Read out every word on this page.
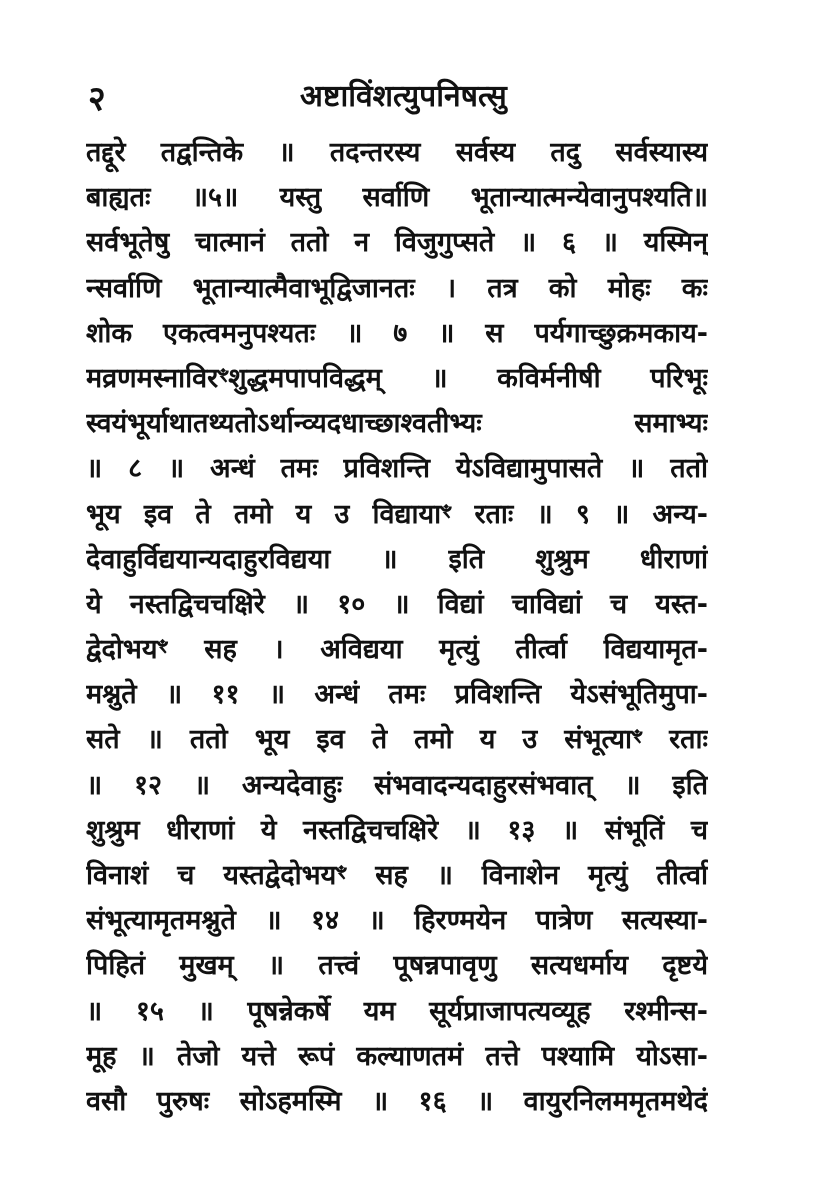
२	अष्टाविंशत्युपनिषत्सु
तद्दूरे तद्वन्तिके ॥ तदन्तरस्य सर्वस्य तदु सर्वस्यास्य
बाह्यतः ॥५॥ यस्तु सर्वाणि भूतान्यात्मन्येवानुपश्यति॥
सर्वभूतेषु चात्मानं ततो न विजुगुप्सते ॥ ६ ॥ यस्मिन्
न्सर्वाणि भूतान्यात्मैवाभूद्विजानतः । तत्र को मोहः कः
शोक एकत्वमनुपश्यतः ॥ ७ ॥ स पर्यगाच्छुक्रमकाय-
मव्रणमस्नाविरꣳशुद्धमपापविद्धम् ॥ कविर्मनीषी परिभूः
स्वयंभूर्याथातथ्यतोऽर्थान्व्यदधाच्छाश्वतीभ्यः समाभ्यः
॥ ८ ॥ अन्धं तमः प्रविशन्ति येऽविद्यामुपासते ॥ ततो
भूय इव ते तमो य उ विद्यायाꣳ रताः ॥ ९ ॥ अन्य-
देवाहुर्विद्ययान्यदाहुरविद्यया ॥ इति शुश्रुम धीराणां
ये नस्तद्विचचक्षिरे ॥ १० ॥ विद्यां चाविद्यां च यस्त-
द्वेदोभयꣳ सह । अविद्यया मृत्युं तीर्त्वा विद्ययामृत-
मश्नुते ॥ ११ ॥ अन्धं तमः प्रविशन्ति येऽसंभूतिमुपा-
सते ॥ ततो भूय इव ते तमो य उ संभूत्याꣳ रताः
॥ १२ ॥ अन्यदेवाहुः संभवादन्यदाहुरसंभवात् ॥ इति
शुश्रुम धीराणां ये नस्तद्विचचक्षिरे ॥ १३ ॥ संभूतिं च
विनाशं च यस्तद्वेदोभयꣳ सह ॥ विनाशेन मृत्युं तीर्त्वा
संभूत्यामृतमश्नुते ॥ १४ ॥ हिरण्मयेन पात्रेण सत्यस्या-
पिहितं मुखम् ॥ तत्त्वं पूषन्नपावृणु सत्यधर्माय दृष्टये
॥ १५ ॥ पूषन्नेकर्षे यम सूर्यप्राजापत्यव्यूह रश्मीन्स-
मूह ॥ तेजो यत्ते रूपं कल्याणतमं तत्ते पश्यामि योऽसा-
वसौ पुरुषः सोऽहमस्मि ॥ १६ ॥ वायुरनिलममृतमथेदं
